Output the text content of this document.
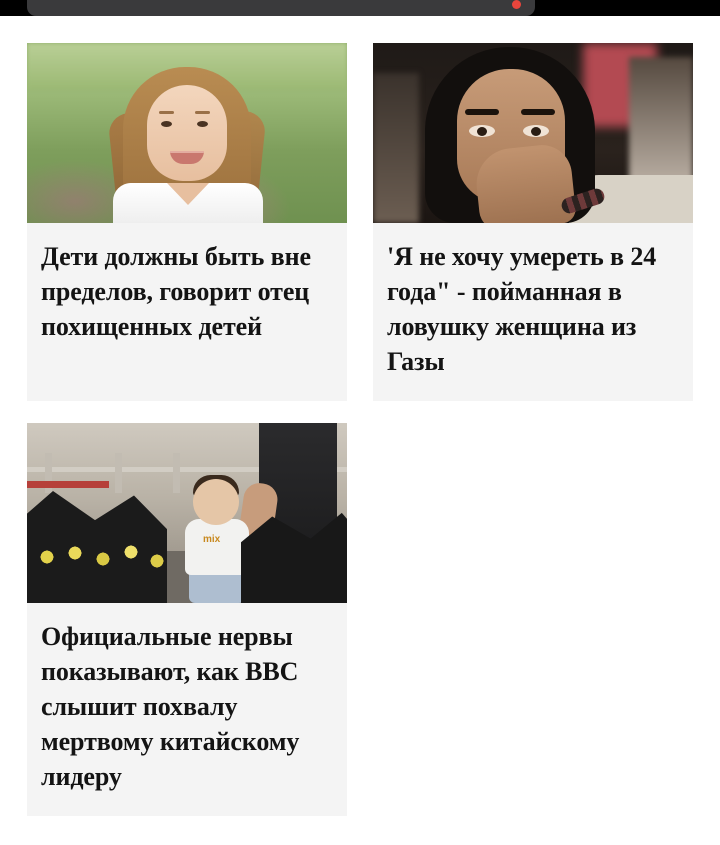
Дети должны быть вне пределов, говорит отец похищенных детей
'Я не хочу умереть в 24 года" - пойманная в ловушку женщина из Газы
mix
Официальные нервы показывают, как ВВС слышит похвалу мертвому китайскому лидеру
